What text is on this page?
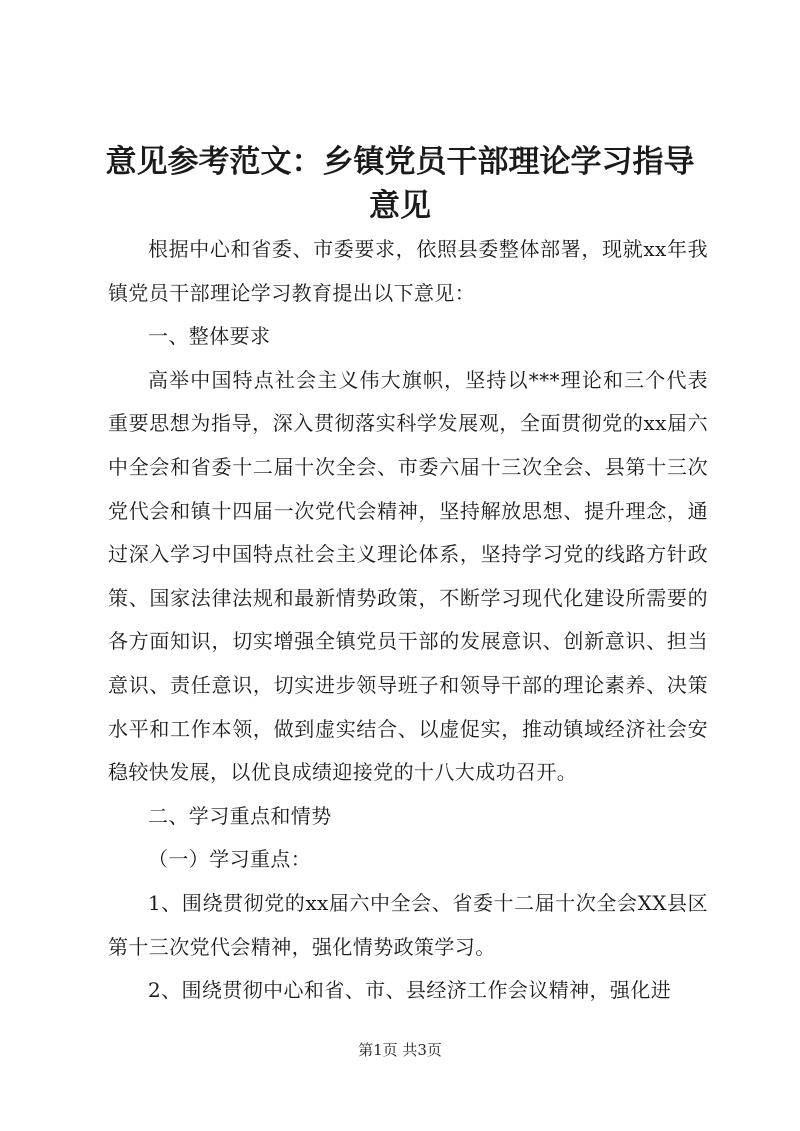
意见参考范文：乡镇党员干部理论学习指导意见

根据中心和省委、市委要求，依照县委整体部署，现就xx年我镇党员干部理论学习教育提出以下意见：

一、整体要求

高举中国特点社会主义伟大旗帜，坚持以***理论和三个代表重要思想为指导，深入贯彻落实科学发展观，全面贯彻党的xx届六中全会和省委十二届十次全会、市委六届十三次全会、县第十三次党代会和镇十四届一次党代会精神，坚持解放思想、提升理念，通过深入学习中国特点社会主义理论体系，坚持学习党的线路方针政策、国家法律法规和最新情势政策，不断学习现代化建设所需要的各方面知识，切实增强全镇党员干部的发展意识、创新意识、担当意识、责任意识，切实进步领导班子和领导干部的理论素养、决策水平和工作本领，做到虚实结合、以虚促实，推动镇域经济社会安稳较快发展，以优良成绩迎接党的十八大成功召开。

二、学习重点和情势

（一）学习重点：

1、围绕贯彻党的xx届六中全会、省委十二届十次全会XX县区第十三次党代会精神，强化情势政策学习。

2、围绕贯彻中心和省、市、县经济工作会议精神，强化进

第1页 共3页
